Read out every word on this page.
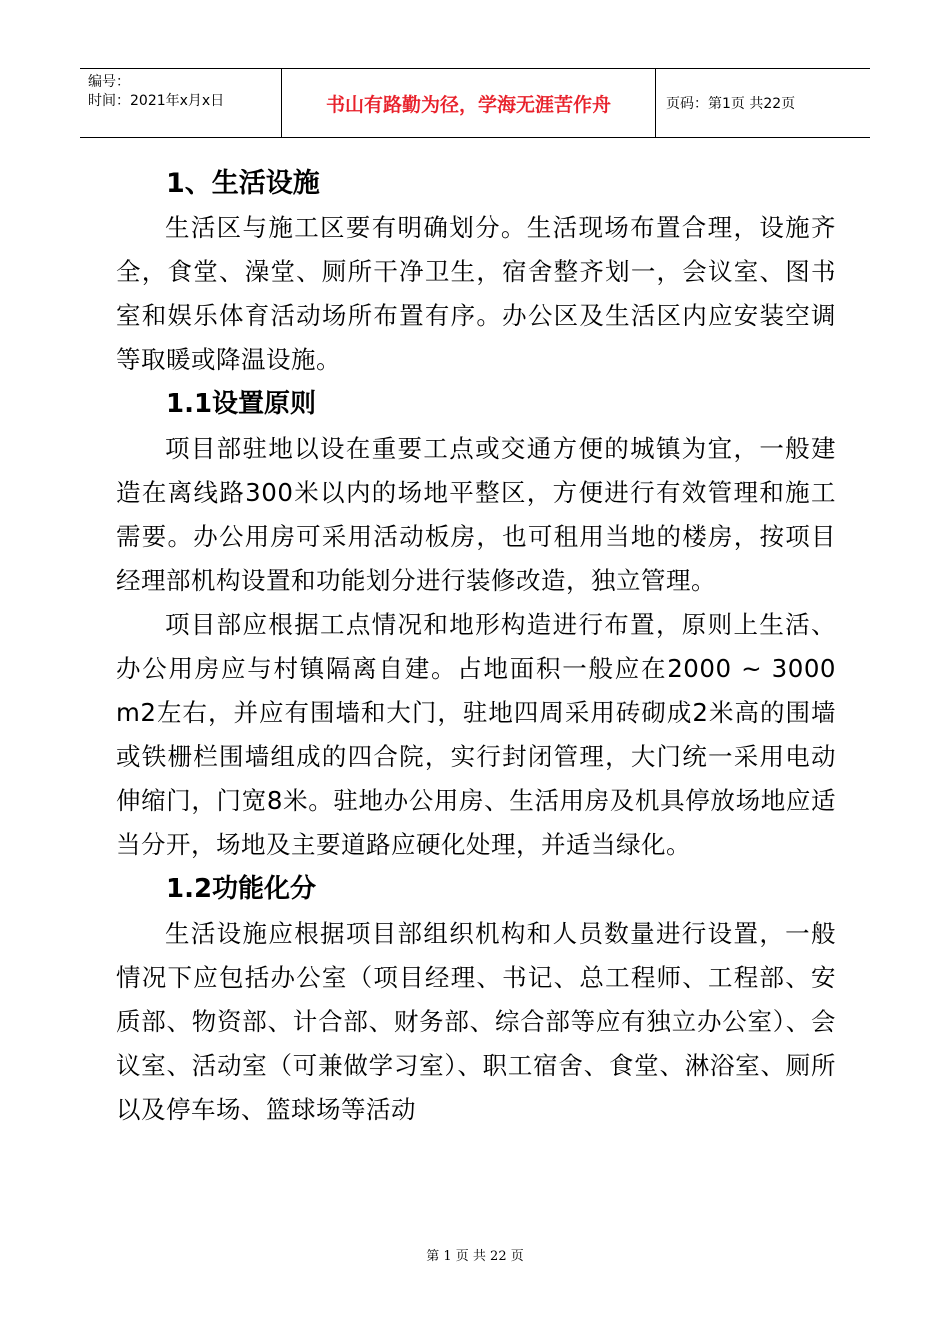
编号：
时间：2021年x月x日	书山有路勤为径，学海无涯苦作舟	页码：第1页 共22页
1、生活设施
生活区与施工区要有明确划分。生活现场布置合理，设施齐全，食堂、澡堂、厕所干净卫生，宿舍整齐划一，会议室、图书室和娱乐体育活动场所布置有序。办公区及生活区内应安装空调等取暖或降温设施。
1.1设置原则
项目部驻地以设在重要工点或交通方便的城镇为宜，一般建造在离线路300米以内的场地平整区，方便进行有效管理和施工需要。办公用房可采用活动板房，也可租用当地的楼房，按项目经理部机构设置和功能划分进行装修改造，独立管理。
项目部应根据工点情况和地形构造进行布置，原则上生活、办公用房应与村镇隔离自建。占地面积一般应在2000 ~ 3000 m2左右，并应有围墙和大门，驻地四周采用砖砌成2米高的围墙或铁栅栏围墙组成的四合院，实行封闭管理，大门统一采用电动伸缩门，门宽8米。驻地办公用房、生活用房及机具停放场地应适当分开，场地及主要道路应硬化处理，并适当绿化。
1.2功能化分
生活设施应根据项目部组织机构和人员数量进行设置，一般情况下应包括办公室（项目经理、书记、总工程师、工程部、安质部、物资部、计合部、财务部、综合部等应有独立办公室）、会议室、活动室（可兼做学习室）、职工宿舍、食堂、淋浴室、厕所以及停车场、篮球场等活动
第 1 页 共 22 页
